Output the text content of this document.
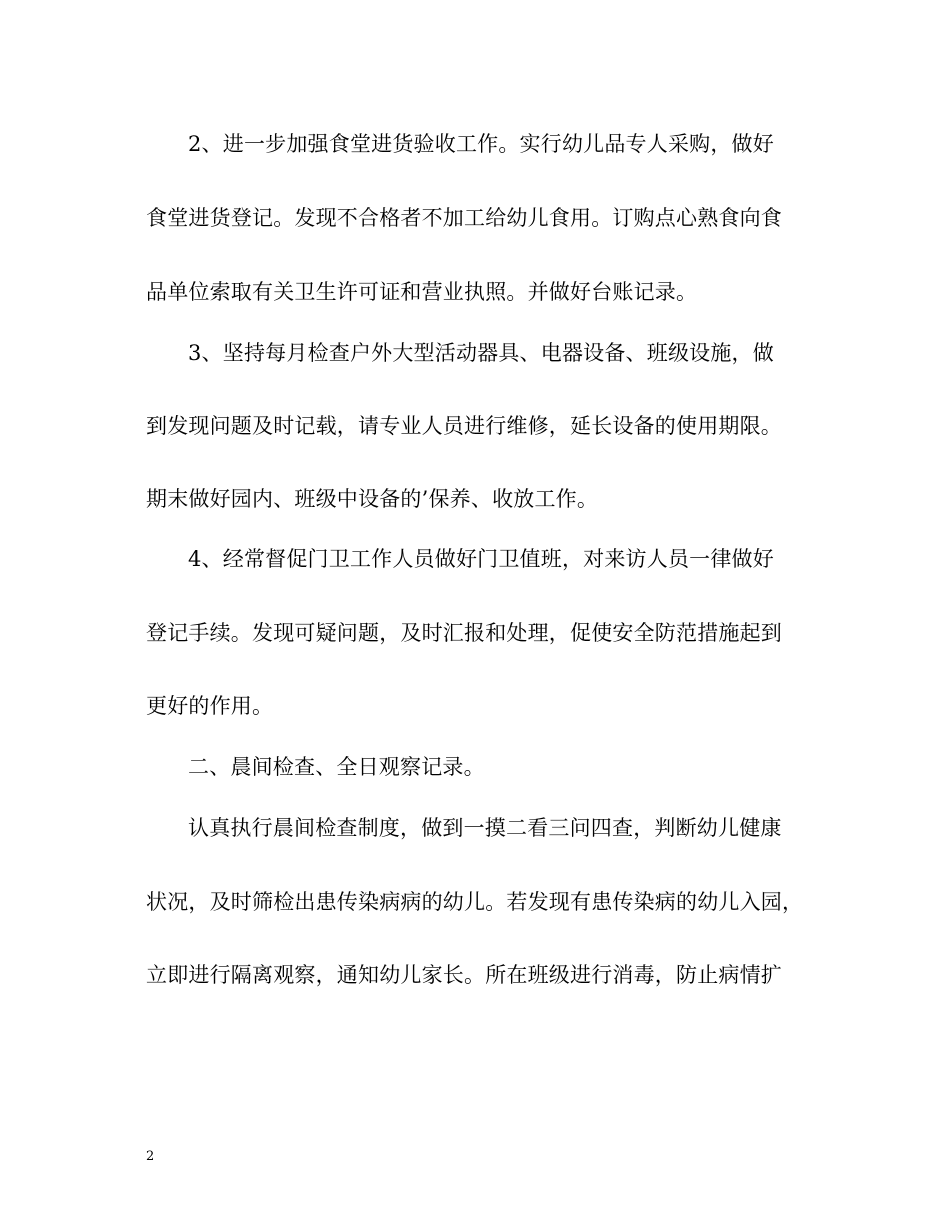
2、进一步加强食堂进货验收工作。实行幼儿品专人采购，做好
食堂进货登记。发现不合格者不加工给幼儿食用。订购点心熟食向食
品单位索取有关卫生许可证和营业执照。并做好台账记录。
3、坚持每月检查户外大型活动器具、电器设备、班级设施，做
到发现问题及时记载，请专业人员进行维修，延长设备的使用期限。
期末做好园内、班级中设备的’保养、收放工作。
4、经常督促门卫工作人员做好门卫值班，对来访人员一律做好
登记手续。发现可疑问题，及时汇报和处理，促使安全防范措施起到
更好的作用。
二、晨间检查、全日观察记录。
认真执行晨间检查制度，做到一摸二看三问四查，判断幼儿健康
状况，及时筛检出患传染病病的幼儿。若发现有患传染病的幼儿入园，
立即进行隔离观察，通知幼儿家长。所在班级进行消毒，防止病情扩
2
